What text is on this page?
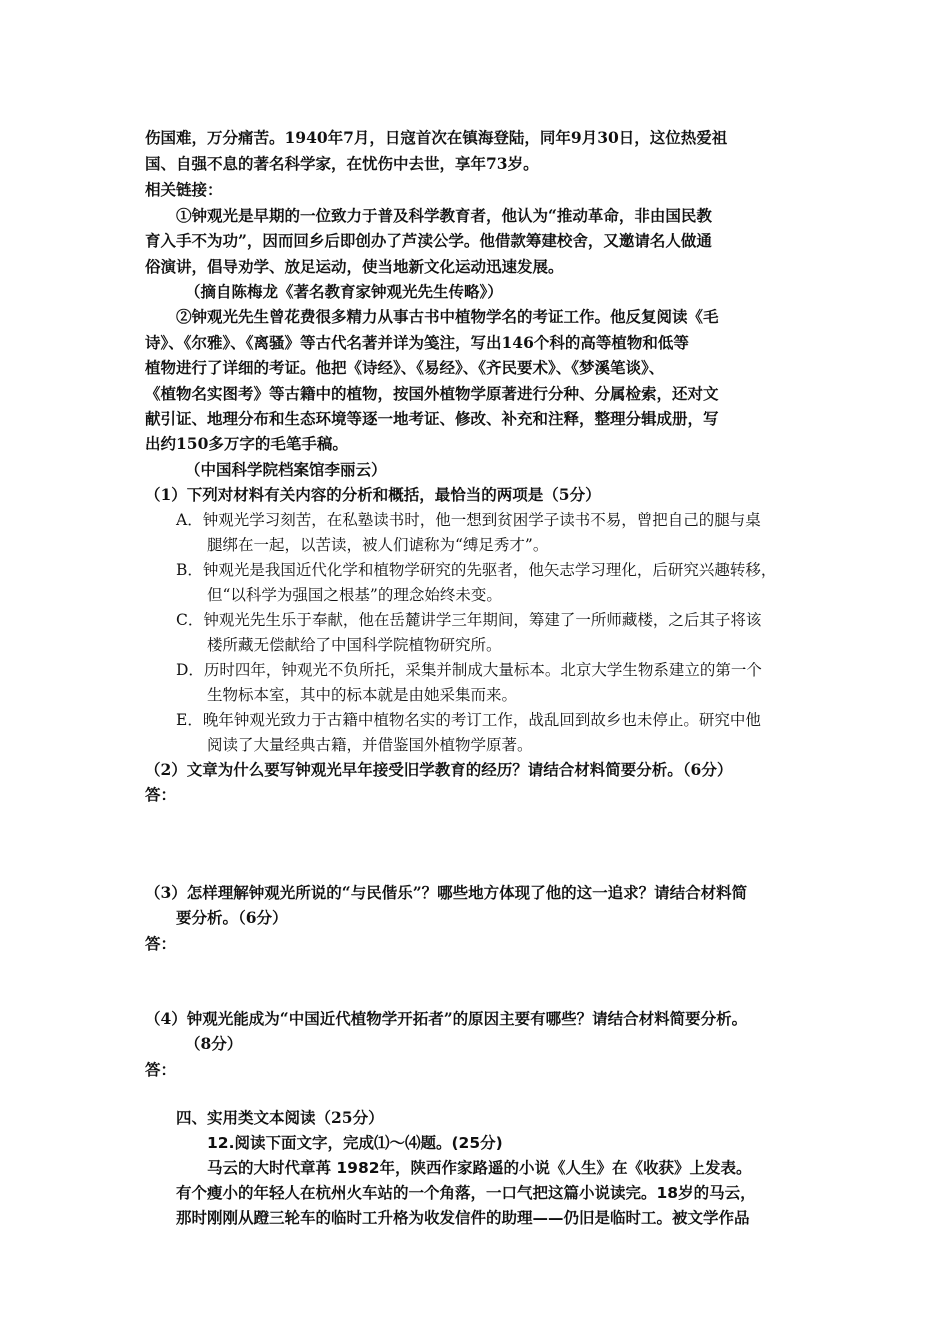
伤国难，万分痛苦。1940年7月，日寇首次在镇海登陆，同年9月30日，这位热爱祖
国、自强不息的著名科学家，在忧伤中去世，享年73岁。
相关链接：
①钟观光是早期的一位致力于普及科学教育者，他认为“推动革命，非由国民教
育入手不为功”，因而回乡后即创办了芦渎公学。他借款筹建校舍，又邀请名人做通
俗演讲，倡导劝学、放足运动，使当地新文化运动迅速发展。
（摘自陈梅龙《著名教育家钟观光先生传略》）
②钟观光先生曾花费很多精力从事古书中植物学名的考证工作。他反复阅读《毛
诗》、《尔雅》、《离骚》等古代名著并详为笺注，写出146个科的高等植物和低等
植物进行了详细的考证。他把《诗经》、《易经》、《齐民要术》、《梦溪笔谈》、
《植物名实图考》等古籍中的植物，按国外植物学原著进行分种、分属检索，还对文
献引证、地理分布和生态环境等逐一地考证、修改、补充和注释，整理分辑成册，写
出约150多万字的毛笔手稿。
（中国科学院档案馆李丽云）
（1）下列对材料有关内容的分析和概括，最恰当的两项是（5分）
A．钟观光学习刻苦，在私塾读书时，他一想到贫困学子读书不易，曾把自己的腿与桌
腿绑在一起，以苦读，被人们谑称为“缚足秀才”。
B．钟观光是我国近代化学和植物学研究的先驱者，他矢志学习理化，后研究兴趣转移，
但“以科学为强国之根基”的理念始终未变。
C．钟观光先生乐于奉献，他在岳麓讲学三年期间，筹建了一所师藏楼，之后其子将该
楼所藏无偿献给了中国科学院植物研究所。
D．历时四年，钟观光不负所托，采集并制成大量标本。北京大学生物系建立的第一个
生物标本室，其中的标本就是由她采集而来。
E．晚年钟观光致力于古籍中植物名实的考订工作，战乱回到故乡也未停止。研究中他
阅读了大量经典古籍，并借鉴国外植物学原著。
（2）文章为什么要写钟观光早年接受旧学教育的经历？请结合材料简要分析。（6分）
答：
（3）怎样理解钟观光所说的“与民偕乐”？哪些地方体现了他的这一追求？请结合材料简
要分析。（6分）
答：
（4）钟观光能成为“中国近代植物学开拓者”的原因主要有哪些？请结合材料简要分析。
（8分）
答：
四、实用类文本阅读（25分）
12.阅读下面文字，完成⑴～⑷题。(25分)
马云的大时代章苒 1982年，陕西作家路遥的小说《人生》在《收获》上发表。
有个瘦小的年轻人在杭州火车站的一个角落，一口气把这篇小说读完。18岁的马云，
那时刚刚从蹬三轮车的临时工升格为收发信件的助理——仍旧是临时工。被文学作品
